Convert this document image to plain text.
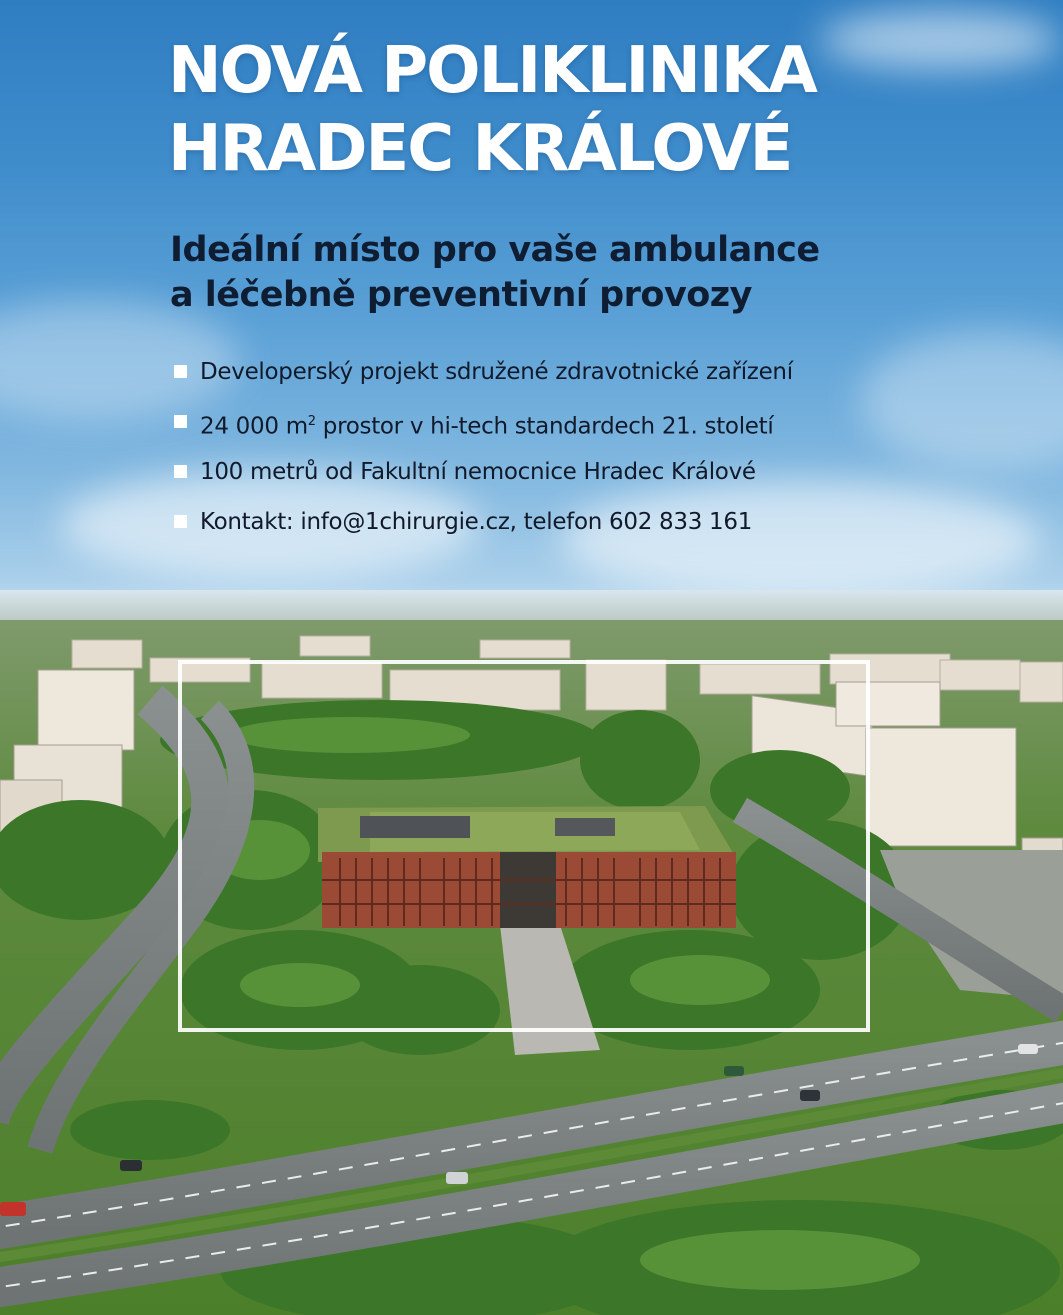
NOVÁ POLIKLINIKA
HRADEC KRÁLOVÉ
Ideální místo pro vaše ambulance
a léčebně preventivní provozy
Developerský projekt sdružené zdravotnické zařízení
24 000 $m^2$ prostor v hi-tech standardech 21. století
100 metrů od Fakultní nemocnice Hradec Králové
Kontakt: info@1chirurgie.cz, telefon 602 833 161
